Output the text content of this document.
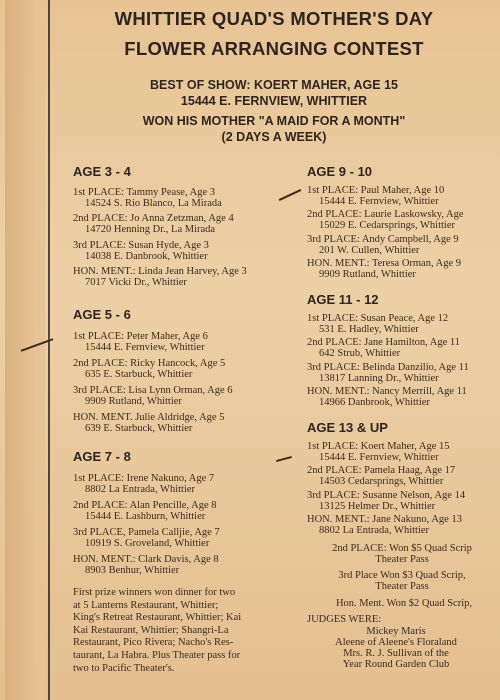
WHITTIER QUAD'S MOTHER'S DAY
FLOWER ARRANGING CONTEST
BEST OF SHOW: KOERT MAHER, AGE 15
15444 E. FERNVIEW, WHITTIER
WON HIS MOTHER "A MAID FOR A MONTH"
(2 DAYS A WEEK)
AGE 3 - 4
1st PLACE: Tammy Pease, Age 3
14524 S. Rio Blanco, La Mirada
2nd PLACE: Jo Anna Zetzman, Age 4
14720 Henning Dr., La Mirada
3rd PLACE: Susan Hyde, Age 3
14038 E. Danbrook, Whittier
HON. MENT.: Linda Jean Harvey, Age 3
7017 Vicki Dr., Whittier
AGE 5 - 6
1st PLACE: Peter Maher, Age 6
15444 E. Fernview, Whittier
2nd PLACE: Ricky Hancock, Age 5
635 E. Starbuck, Whittier
3rd PLACE: Lisa Lynn Orman, Age 6
9909 Rutland, Whittier
HON. MENT. Julie Aldridge, Age 5
639 E. Starbuck, Whittier
AGE 7 - 8
1st PLACE: Irene Nakuno, Age 7
8802 La Entrada, Whittier
2nd PLACE: Alan Pencille, Age 8
15444 E. Lashburn, Whittier
3rd PLACE, Pamela Calljie, Age 7
10919 S. Groveland, Whittier
HON. MENT.: Clark Davis, Age 8
8903 Benhur, Whittier
First prize winners won dinner for two
at 5 Lanterns Restaurant, Whittier;
King's Retreat Restaurant, Whittier; Kai
Kai Restaurant, Whittier; Shangri-La
Restaurant, Pico Rivera; Nacho's Res-
taurant, La Habra. Plus Theater pass for
two to Pacific Theater's.
AGE 9 - 10
1st PLACE: Paul Maher, Age 10
15444 E. Fernview, Whittier
2nd PLACE: Laurie Laskowsky, Age
15029 E. Cedarsprings, Whittier
3rd PLACE: Andy Campbell, Age 9
201 W. Cullen, Whittier
HON. MENT.: Teresa Orman, Age 9
9909 Rutland, Whittier
AGE 11 - 12
1st PLACE: Susan Peace, Age 12
531 E. Hadley, Whittier
2nd PLACE: Jane Hamilton, Age 11
642 Strub, Whittier
3rd PLACE: Belinda Danzilio, Age 11
13817 Lanning Dr., Whittier
HON. MENT.: Nancy Merrill, Age 11
14966 Danbrook, Whittier
AGE 13 & UP
1st PLACE: Koert Maher, Age 15
15444 E. Fernview, Whittier
2nd PLACE: Pamela Haag, Age 17
14503 Cedarsprings, Whittier
3rd PLACE: Susanne Nelson, Age 14
13125 Helmer Dr., Whittier
HON. MENT.: Jane Nakuno, Age 13
8802 La Entrada, Whittier
2nd PLACE: Won $5 Quad Scrip
Theater Pass
3rd Place Won $3 Quad Scrip,
Theater Pass
Hon. Ment. Won $2 Quad Scrip,
JUDGES WERE:
Mickey Maris
Aleene of Aleene's Floraland
Mrs. R. J. Sullivan of the
Year Round Garden Club
